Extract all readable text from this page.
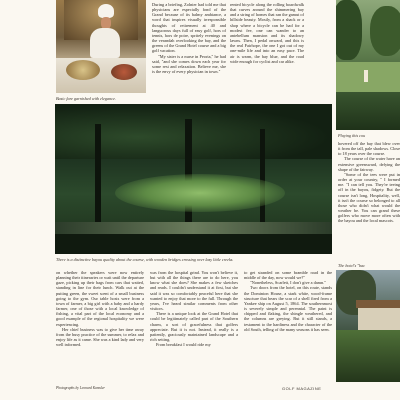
Basic fare garnished with elegance.

During a briefing, Zolnier had told me that physicians are especially fond of the Grand because of its balmy ambiance, a word that inspires visually irresponsible thoughts of retirement at 40 and languorous days full of easy golf, hors of tennis, hors de poire, spritely evenings on the verandah overlooking the bay, and the greens of the Grand Hotel course and a big golf vacation.

"My sister is a nurse in Peoria," he had said, "and she comes down each year for some rest and relaxation. Believe me, she is the envy of every physician in town."

rented bicycle along the rolling boardwalk that curves around the shimmering bay and a string of homes that ran the gamut of hillside beauty. Mostly, from a shack or a shop where a bicycle can be had for a modest fee, one can wander to an antebellum mansion and its shadowy lawns. Then, I pedal onward, and this is the real Fairhope, the one I got out of my one-mile life and into an easy pace. The air is warm, the bay blue, and the road wide enough for cyclist and car alike.

Playing this cou

hovered off the bay that blew over it from the tall, pale shadows. Close to 18 years over the course.

The course of the water have an extensive greensward, defying the shape of the fairway.

"Some of the tees were put in order at your country, " I formed me. "I can tell you. They're teeing off in the bayou, fidgety. But the course isn't long, Hospitality, well, it isn't the course so belonged to all those who didn't what would the weather be. You can grand these golfers who move more often with the bayou and the local mascots.

There is a distinctive bayou quality about the course, with wooden bridges crossing over lazy little creeks.

on whether the speakers were now entirely planning their itineraries or wait until the departure gaze, picking up their bags from cars that waited, standing in line for their lunch. Walk out at the putting green, the sweet scent of a small business going to the gym. Our table hosts were from a town of farmer, a big girl with a baby and a hardy farmer, one of those with a local knowledge of fishing, a vital part of the local economy and a good example of the regional hospitality we were experiencing.

Her chief business was to give her time away from the busy practice of the summer, to relax and enjoy life as it came. She was a kind lady and very well informed.

was from the hospital grind. You won't believe it, but with all the things there are to do here, you know what she does? She makes a few sketches and reads. I couldn't understand it at first, but she said it was so comfortably peaceful here that she wanted to enjoy that more to the full. Through the years, I've heard similar comments from other visitors.

There is a unique look at the Grand Hotel that could be legitimately called part of the Southern charm, a sort of gracefulness that golfers appreciate. But it is not. Instead, it really is a patiently, graciously maintained landscape and a rich setting.

From breakfast I would ride my

to get stranded on some bramble road in the middle of the day, now would we?"

"Nonetheless, Scarlett, I don't give a damn."

Two doors from the hotel, on this route, stands the Dominion House, a stark white, wood-frame structure that bears the scar of a shell fired from a Yankee ship on August 5, 1864. The southernmost is severely simple and perennial. The paint is chipped and flaking, the shingle weathered, and the columns are greying. But it still stands, a testament to the hardiness and the character of the old South, telling of the many seasons it has seen.

The hotel's "bac
Photographs by Leonard Kamsler	GOLF MAGAZINE
